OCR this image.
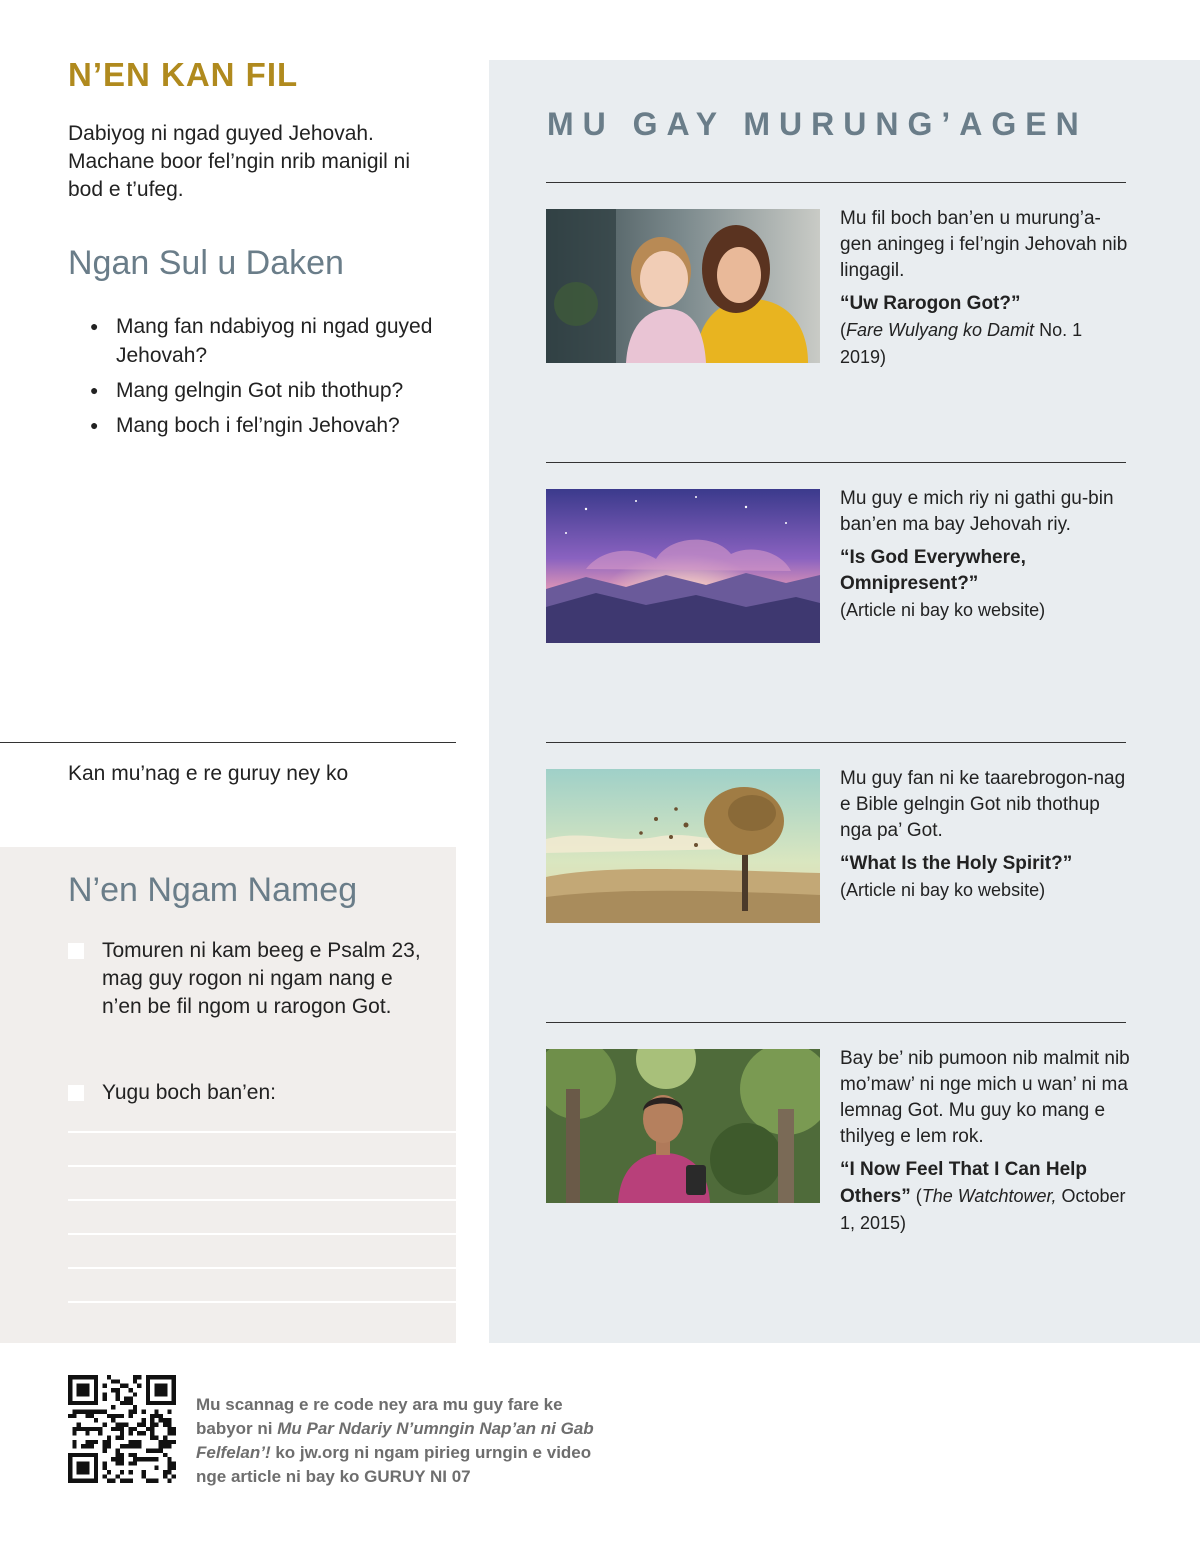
N’EN KAN FIL

Dabiyog ni ngad guyed Jehovah. Machane boor fel’ngin nrib manigil ni bod e t’ufeg.

Ngan Sul u Daken
● Mang fan ndabiyog ni ngad guyed Jehovah?
● Mang gelngin Got nib thothup?
● Mang boch i fel’ngin Jehovah?

Kan mu’nag e re guruy ney ko

N’en Ngam Nameg
Tomuren ni kam beeg e Psalm 23, mag guy rogon ni ngam nang e n’en be fil ngom u rarogon Got.
Yugu boch ban’en:
MU GAY MURUNG’AGEN

Mu fil boch ban’en u murung’a-gen aningeg i fel’ngin Jehovah nib lingagil.

“Uw Rarogon Got?”
(Fare Wulyang ko Damit No. 1 2019)

Mu guy e mich riy ni gathi gu-bin ban’en ma bay Jehovah riy.

“Is God Everywhere, Omnipresent?”
(Article ni bay ko website)

Mu guy fan ni ke taarebrogon-nag e Bible gelngin Got nib thothup nga pa’ Got.

“What Is the Holy Spirit?”
(Article ni bay ko website)

Bay be’ nib pumoon nib malmit nib mo’maw’ ni nge mich u wan’ ni ma lemnag Got. Mu guy ko mang e thilyeg e lem rok.

“I Now Feel That I Can Help Others” (The Watchtower, October 1, 2015)

Mu scannag e re code ney ara mu guy fare ke babyor ni Mu Par Ndariy N’umngin Nap’an ni Gab Felfelan’! ko jw.org ni ngam pirieg urngin e video nge article ni bay ko GURUY NI 07
